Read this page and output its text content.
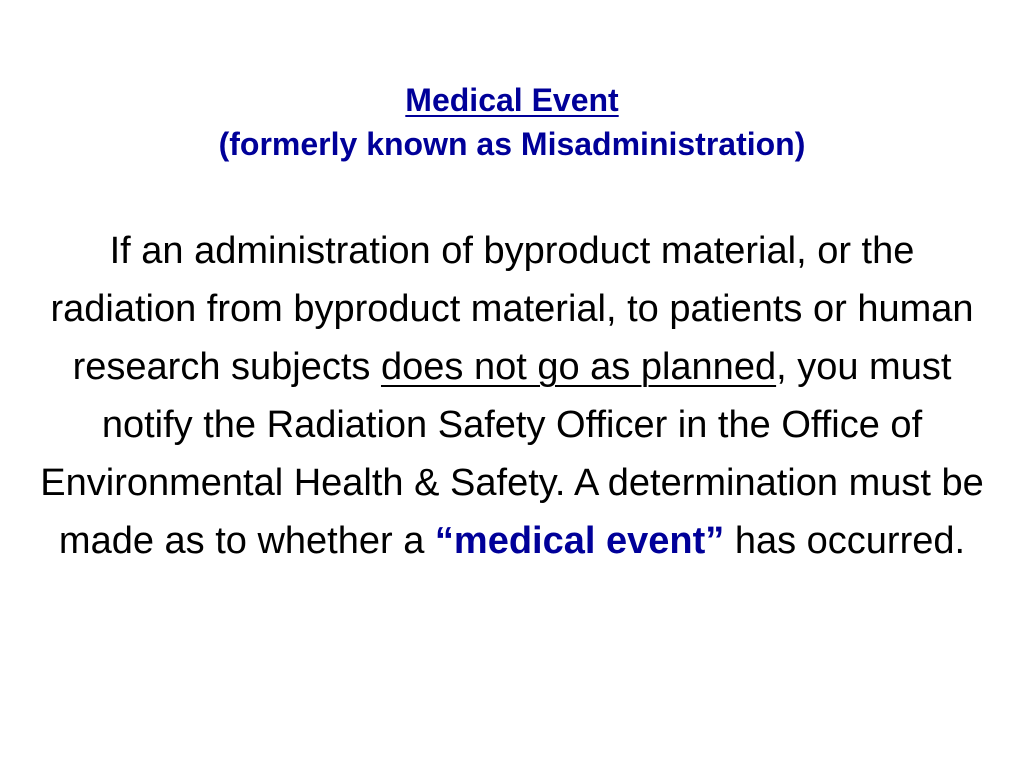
Medical Event
(formerly known as Misadministration)
If an administration of byproduct material, or the radiation from byproduct material, to patients or human research subjects does not go as planned, you must notify the Radiation Safety Officer in the Office of Environmental Health & Safety. A determination must be made as to whether a “medical event” has occurred.
